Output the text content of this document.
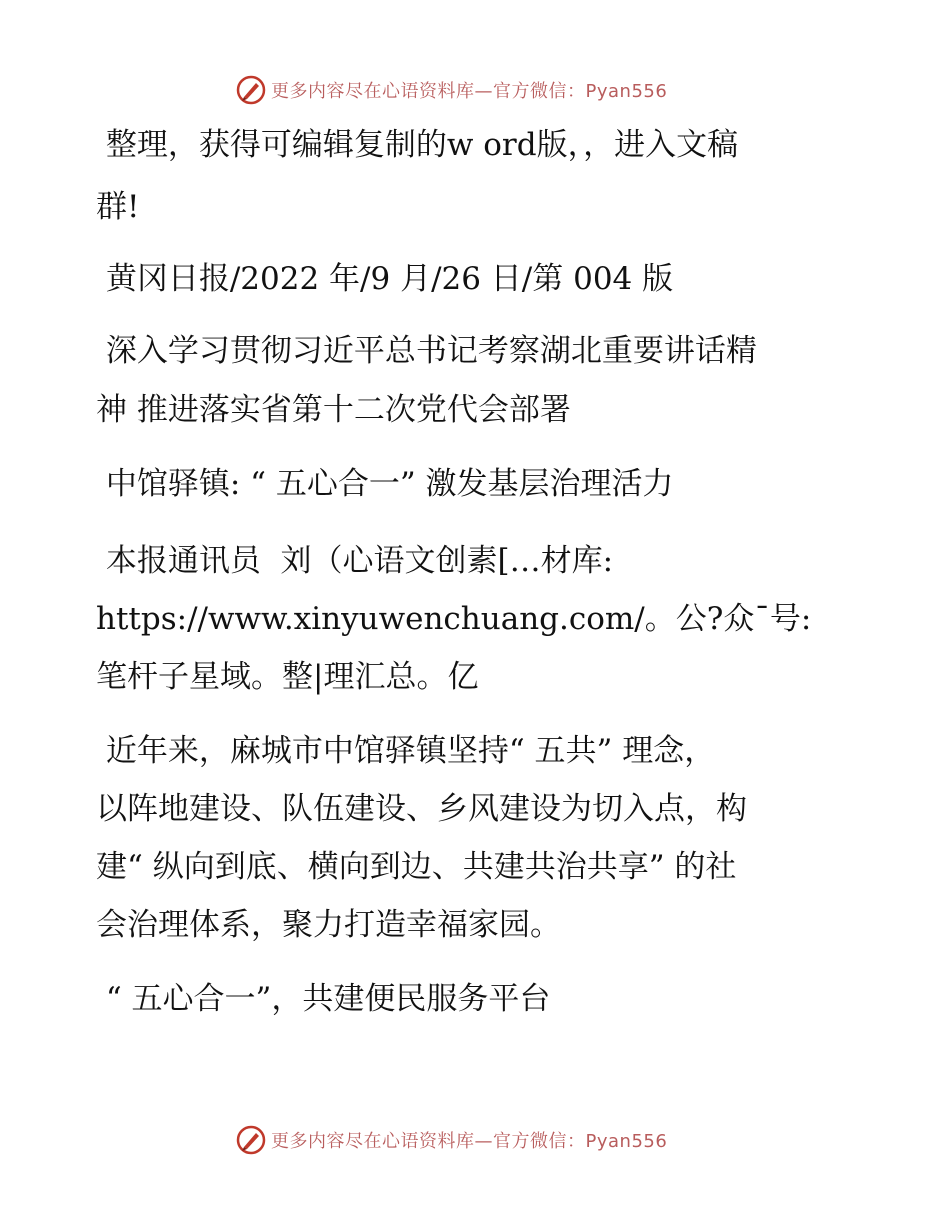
更多内容尽在心语资料库—官方微信：Pyan556
整理，获得可编辑复制的w ord版，，进入文稿
群!
黄冈日报/2022 年/9 月/26 日/第 004 版
深入学习贯彻习近平总书记考察湖北重要讲话精
神 推进落实省第十二次党代会部署
中馆驿镇: “ 五心合一” 激发基层治理活力
本报通讯员  刘（心语文创素[…材库:
https://www.xinyuwenchuang.com/。公?众¯号:
笔杆子星域。整|理汇总。亿
近年来，麻城市中馆驿镇坚持“ 五共” 理念，
以阵地建设、队伍建设、乡风建设为切入点，构
建“ 纵向到底、横向到边、共建共治共享” 的社
会治理体系，聚力打造幸福家园。
“ 五心合一”，共建便民服务平台
更多内容尽在心语资料库—官方微信：Pyan556
